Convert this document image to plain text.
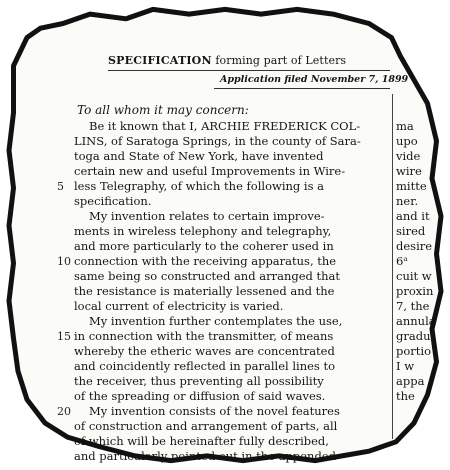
SPECIFICATION forming part of Letters
Application filed November 7, 1899
To all whom it may concern:
Be it known that I, ARCHIE FREDERICK COL-
LINS, of Saratoga Springs, in the county of Sara-
toga and State of New York, have invented
certain new and useful Improvements in Wire-
less Telegraphy, of which the following is a
specification.
My invention relates to certain improve-
ments in wireless telephony and telegraphy,
and more particularly to the coherer used in
connection with the receiving apparatus, the
same being so constructed and arranged that
the resistance is materially lessened and the
local current of electricity is varied.
My invention further contemplates the use,
in connection with the transmitter, of means
whereby the etheric waves are concentrated
and coincidently reflected in parallel lines to
the receiver, thus preventing all possibility
of the spreading or diffusion of said waves.
My invention consists of the novel features
of construction and arrangement of parts, all
of which will be hereinafter fully described,
and particularly pointed out in the appended
5
10
15
20
ma
upo
vide
wire
mitte
ner.
and it
sired
desire
6ᵃ
cuit w
proxin
7, the
annula
gradu
portio
I w
appa
the
